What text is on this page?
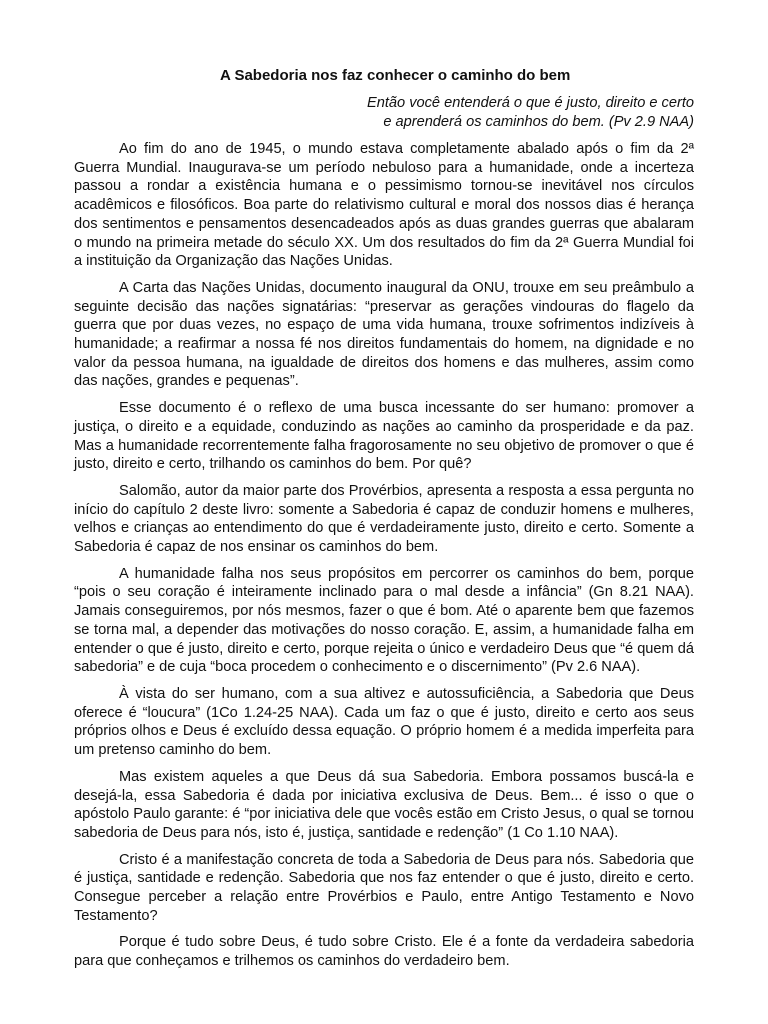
A Sabedoria nos faz conhecer o caminho do bem
Então você entenderá o que é justo, direito e certo
e aprenderá os caminhos do bem. (Pv 2.9 NAA)

Ao fim do ano de 1945, o mundo estava completamente abalado após o fim da 2ª Guerra Mundial. Inaugurava-se um período nebuloso para a humanidade, onde a incerteza passou a rondar a existência humana e o pessimismo tornou-se inevitável nos círculos acadêmicos e filosóficos. Boa parte do relativismo cultural e moral dos nossos dias é herança dos sentimentos e pensamentos desencadeados após as duas grandes guerras que abalaram o mundo na primeira metade do século XX. Um dos resultados do fim da 2ª Guerra Mundial foi a instituição da Organização das Nações Unidas.

A Carta das Nações Unidas, documento inaugural da ONU, trouxe em seu preâmbulo a seguinte decisão das nações signatárias: “preservar as gerações vindouras do flagelo da guerra que por duas vezes, no espaço de uma vida humana, trouxe sofrimentos indizíveis à humanidade; a reafirmar a nossa fé nos direitos fundamentais do homem, na dignidade e no valor da pessoa humana, na igualdade de direitos dos homens e das mulheres, assim como das nações, grandes e pequenas”.

Esse documento é o reflexo de uma busca incessante do ser humano: promover a justiça, o direito e a equidade, conduzindo as nações ao caminho da prosperidade e da paz. Mas a humanidade recorrentemente falha fragorosamente no seu objetivo de promover o que é justo, direito e certo, trilhando os caminhos do bem. Por quê?

Salomão, autor da maior parte dos Provérbios, apresenta a resposta a essa pergunta no início do capítulo 2 deste livro: somente a Sabedoria é capaz de conduzir homens e mulheres, velhos e crianças ao entendimento do que é verdadeiramente justo, direito e certo. Somente a Sabedoria é capaz de nos ensinar os caminhos do bem.

A humanidade falha nos seus propósitos em percorrer os caminhos do bem, porque “pois o seu coração é inteiramente inclinado para o mal desde a infância” (Gn 8.21 NAA). Jamais conseguiremos, por nós mesmos, fazer o que é bom. Até o aparente bem que fazemos se torna mal, a depender das motivações do nosso coração. E, assim, a humanidade falha em entender o que é justo, direito e certo, porque rejeita o único e verdadeiro Deus que “é quem dá sabedoria” e de cuja “boca procedem o conhecimento e o discernimento” (Pv 2.6 NAA).

À vista do ser humano, com a sua altivez e autossuficiência, a Sabedoria que Deus oferece é “loucura” (1Co 1.24-25 NAA). Cada um faz o que é justo, direito e certo aos seus próprios olhos e Deus é excluído dessa equação. O próprio homem é a medida imperfeita para um pretenso caminho do bem.

Mas existem aqueles a que Deus dá sua Sabedoria. Embora possamos buscá-la e desejá-la, essa Sabedoria é dada por iniciativa exclusiva de Deus. Bem... é isso o que o apóstolo Paulo garante: é “por iniciativa dele que vocês estão em Cristo Jesus, o qual se tornou sabedoria de Deus para nós, isto é, justiça, santidade e redenção” (1 Co 1.10 NAA).

Cristo é a manifestação concreta de toda a Sabedoria de Deus para nós. Sabedoria que é justiça, santidade e redenção. Sabedoria que nos faz entender o que é justo, direito e certo. Consegue perceber a relação entre Provérbios e Paulo, entre Antigo Testamento e Novo Testamento?

Porque é tudo sobre Deus, é tudo sobre Cristo. Ele é a fonte da verdadeira sabedoria para que conheçamos e trilhemos os caminhos do verdadeiro bem.
